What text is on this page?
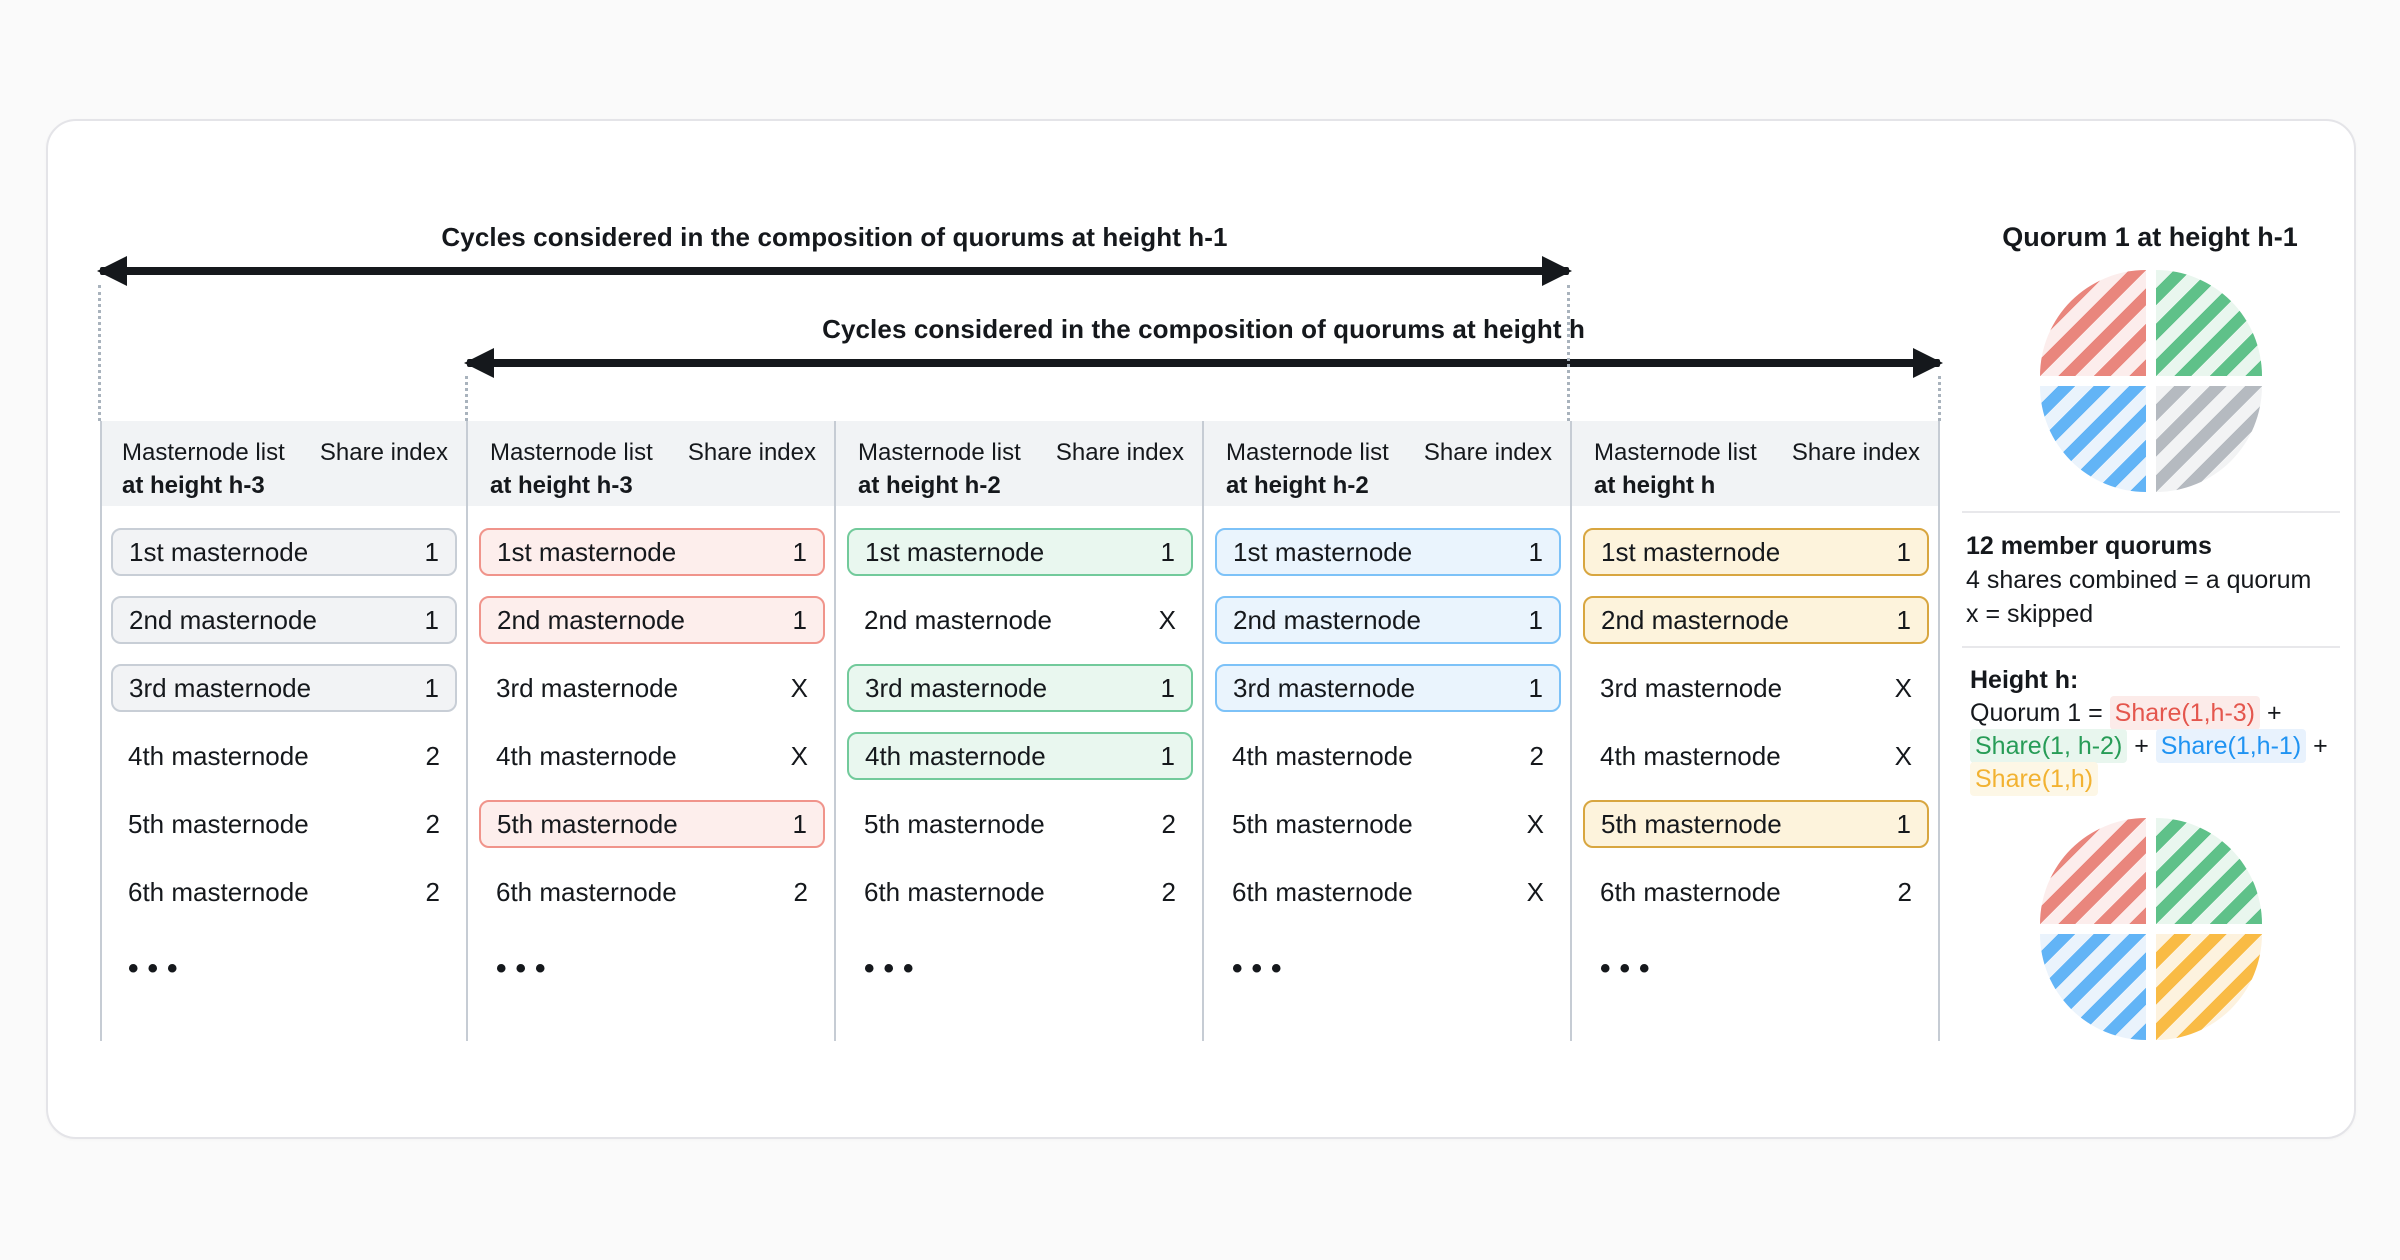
Cycles considered in the composition of quorums at height h-1
Cycles considered in the composition of quorums at height h
Masternode list Share index
at height h-3
1st masternode	1
2nd masternode	1
3rd masternode	1
4th masternode	2
5th masternode	2
6th masternode	2
•••
Masternode list Share index
at height h-3
1st masternode	1
2nd masternode	1
3rd masternode	X
4th masternode	X
5th masternode	1
6th masternode	2
•••
Masternode list Share index
at height h-2
1st masternode	1
2nd masternode	X
3rd masternode	1
4th masternode	1
5th masternode	2
6th masternode	2
•••
Masternode list Share index
at height h-2
1st masternode	1
2nd masternode	1
3rd masternode	1
4th masternode	2
5th masternode	X
6th masternode	X
•••
Masternode list Share index
at height h
1st masternode	1
2nd masternode	1
3rd masternode	X
4th masternode	X
5th masternode	1
6th masternode	2
•••
Quorum 1 at height h-1
12 member quorums
4 shares combined = a quorum
x = skipped
Height h:
Quorum 1 = Share(1,h-3) +
Share(1, h-2) + Share(1,h-1) +
Share(1,h)
